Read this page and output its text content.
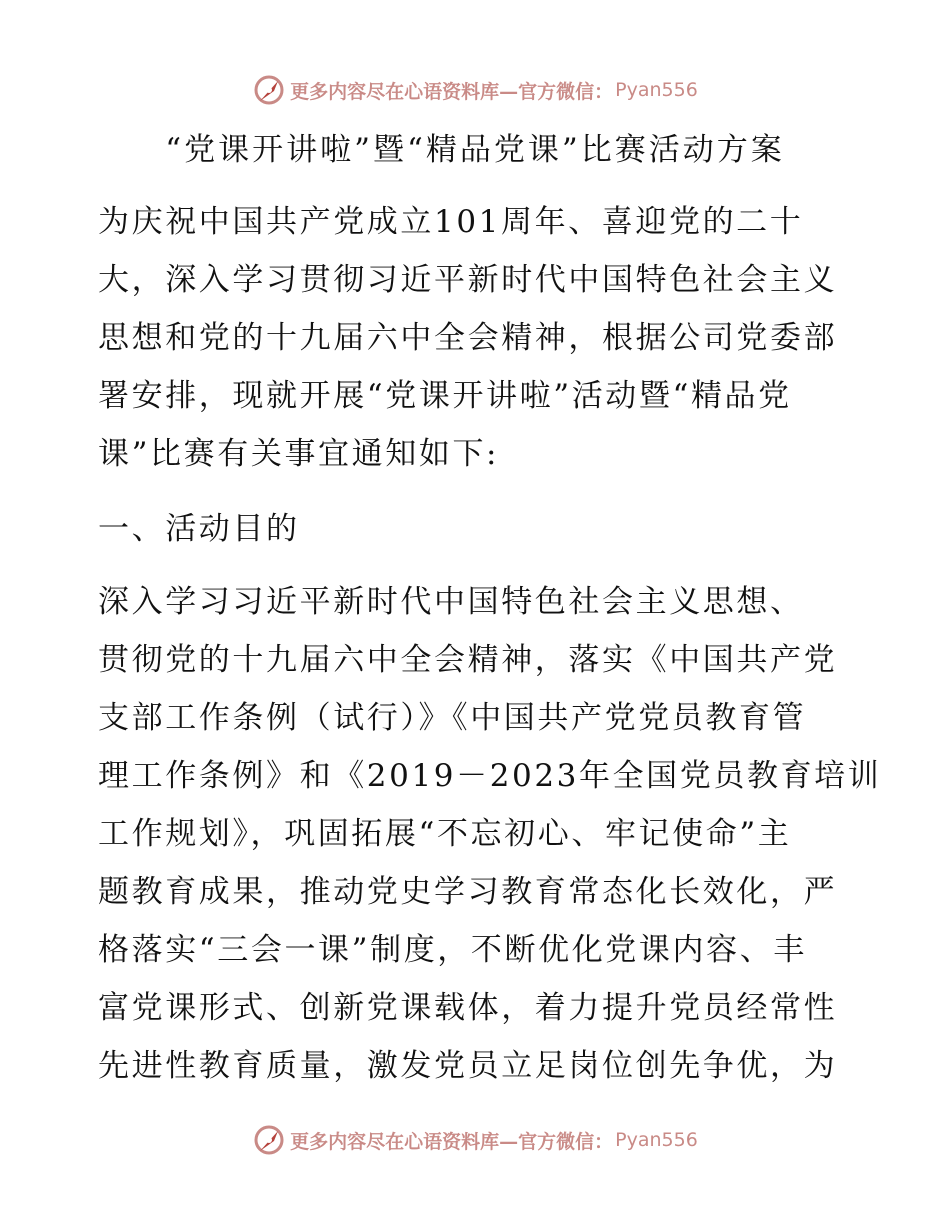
更多内容尽在心语资料库—官方微信： Pyan556
“党课开讲啦”暨“精品党课”比赛活动方案
为庆祝中国共产党成立101周年、喜迎党的二十
大，深入学习贯彻习近平新时代中国特色社会主义
思想和党的十九届六中全会精神，根据公司党委部
署安排，现就开展“党课开讲啦”活动暨“精品党
课”比赛有关事宜通知如下:
一、活动目的
深入学习习近平新时代中国特色社会主义思想、
贯彻党的十九届六中全会精神，落实《中国共产党
支部工作条例（试行）》《中国共产党党员教育管
理工作条例》和《2019－2023年全国党员教育培训
工作规划》，巩固拓展“不忘初心、牢记使命”主
题教育成果，推动党史学习教育常态化长效化，严
格落实“三会一课”制度，不断优化党课内容、丰
富党课形式、创新党课载体，着力提升党员经常性
先进性教育质量，激发党员立足岗位创先争优，为
更多内容尽在心语资料库—官方微信： Pyan556
